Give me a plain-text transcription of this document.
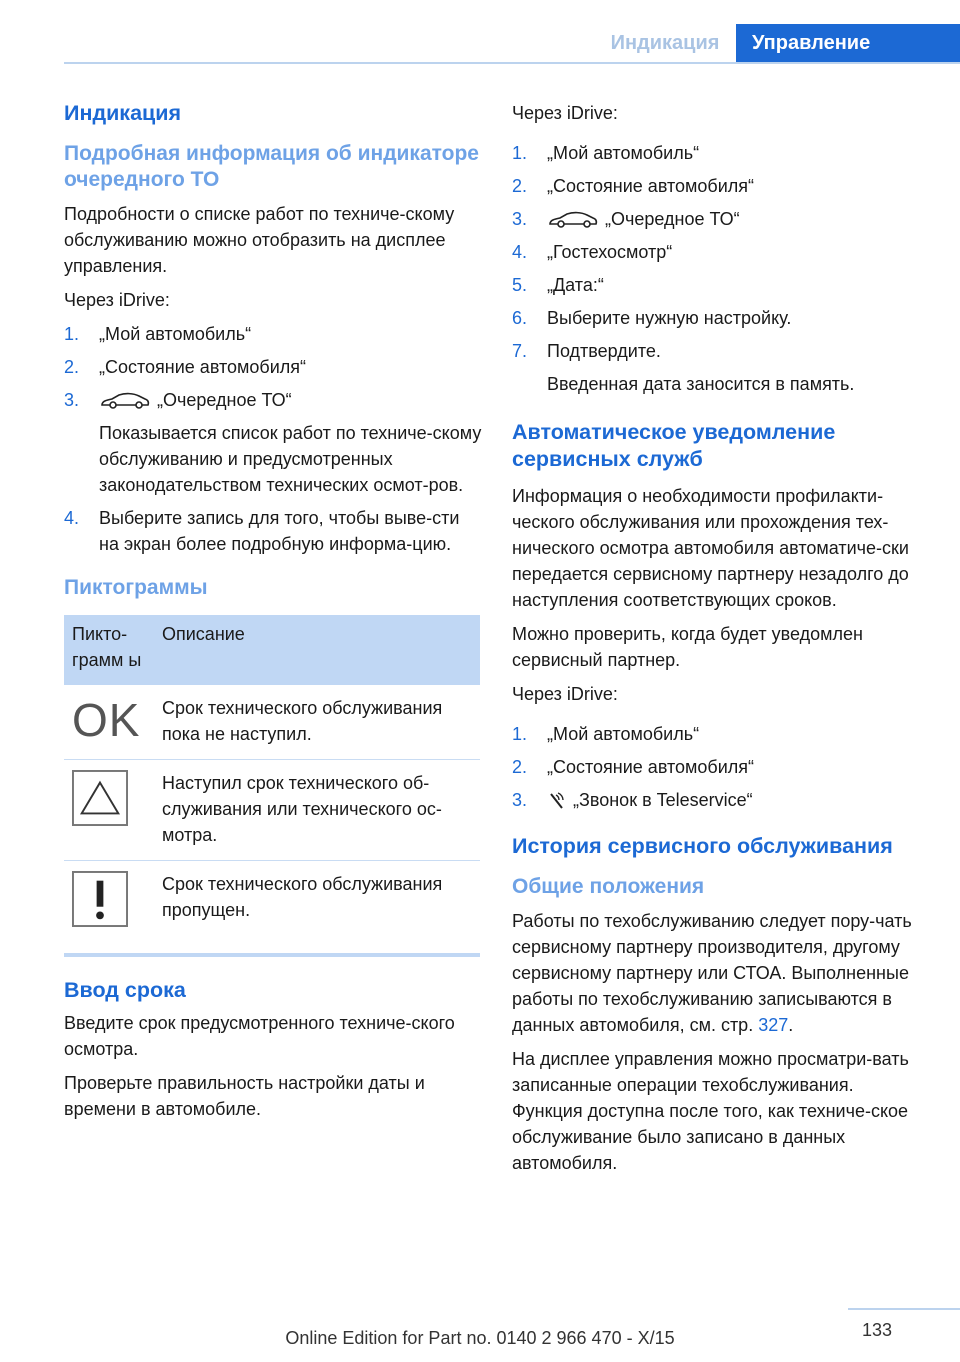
Индикация	Управление
Индикация
Подробная информация об индикаторе очередного ТО

Подробности о списке работ по техниче-скому обслуживанию можно отобразить на дисплее управления.

Через iDrive:

1. „Мой автомобиль“
2. „Состояние автомобиля“
3.	„Очередное ТО“
Показывается список работ по техниче-скому обслуживанию и предусмотренных законодательством технических осмот-ров.
4. Выберите запись для того, чтобы выве-сти на экран более подробную информа-цию.
Пиктограммы
Пикто-грамм ы	Описание
OK	Срок технического обслуживания пока не наступил.

	Наступил срок технического об-служивания или технического ос-мотра.

	Срок технического обслуживания пропущен.
Ввод срока

Введите срок предусмотренного техниче-ского осмотра.

Проверьте правильность настройки даты и времени в автомобиле.

Через iDrive:

1. „Мой автомобиль“
2. „Состояние автомобиля“
3.	„Очередное ТО“
4. „Гостехосмотр“
5. „Дата:“
6. Выберите нужную настройку.
7. Подтвердите.
Введенная дата заносится в память.
Автоматическое уведомление сервисных служб

Информация о необходимости профилакти-ческого обслуживания или прохождения тех-нического осмотра автомобиля автоматиче-ски передается сервисному партнеру незадолго до наступления соответствующих сроков.

Можно проверить, когда будет уведомлен сервисный партнер.

Через iDrive:

1. „Мой автомобиль“
2. „Состояние автомобиля“
3.	„Звонок в Teleservice“
История сервисного обслуживания
Общие положения

Работы по техобслуживанию следует пору-чать сервисному партнеру производителя, другому сервисному партнеру или СТОА. Выполненные работы по техобслуживанию записываются в данных автомобиля, см. стр. 327.

На дисплее управления можно просматри-вать записанные операции техобслуживания. Функция доступна после того, как техниче-ское обслуживание было записано в данных автомобиля.

133
Online Edition for Part no. 0140 2 966 470 - X/15
